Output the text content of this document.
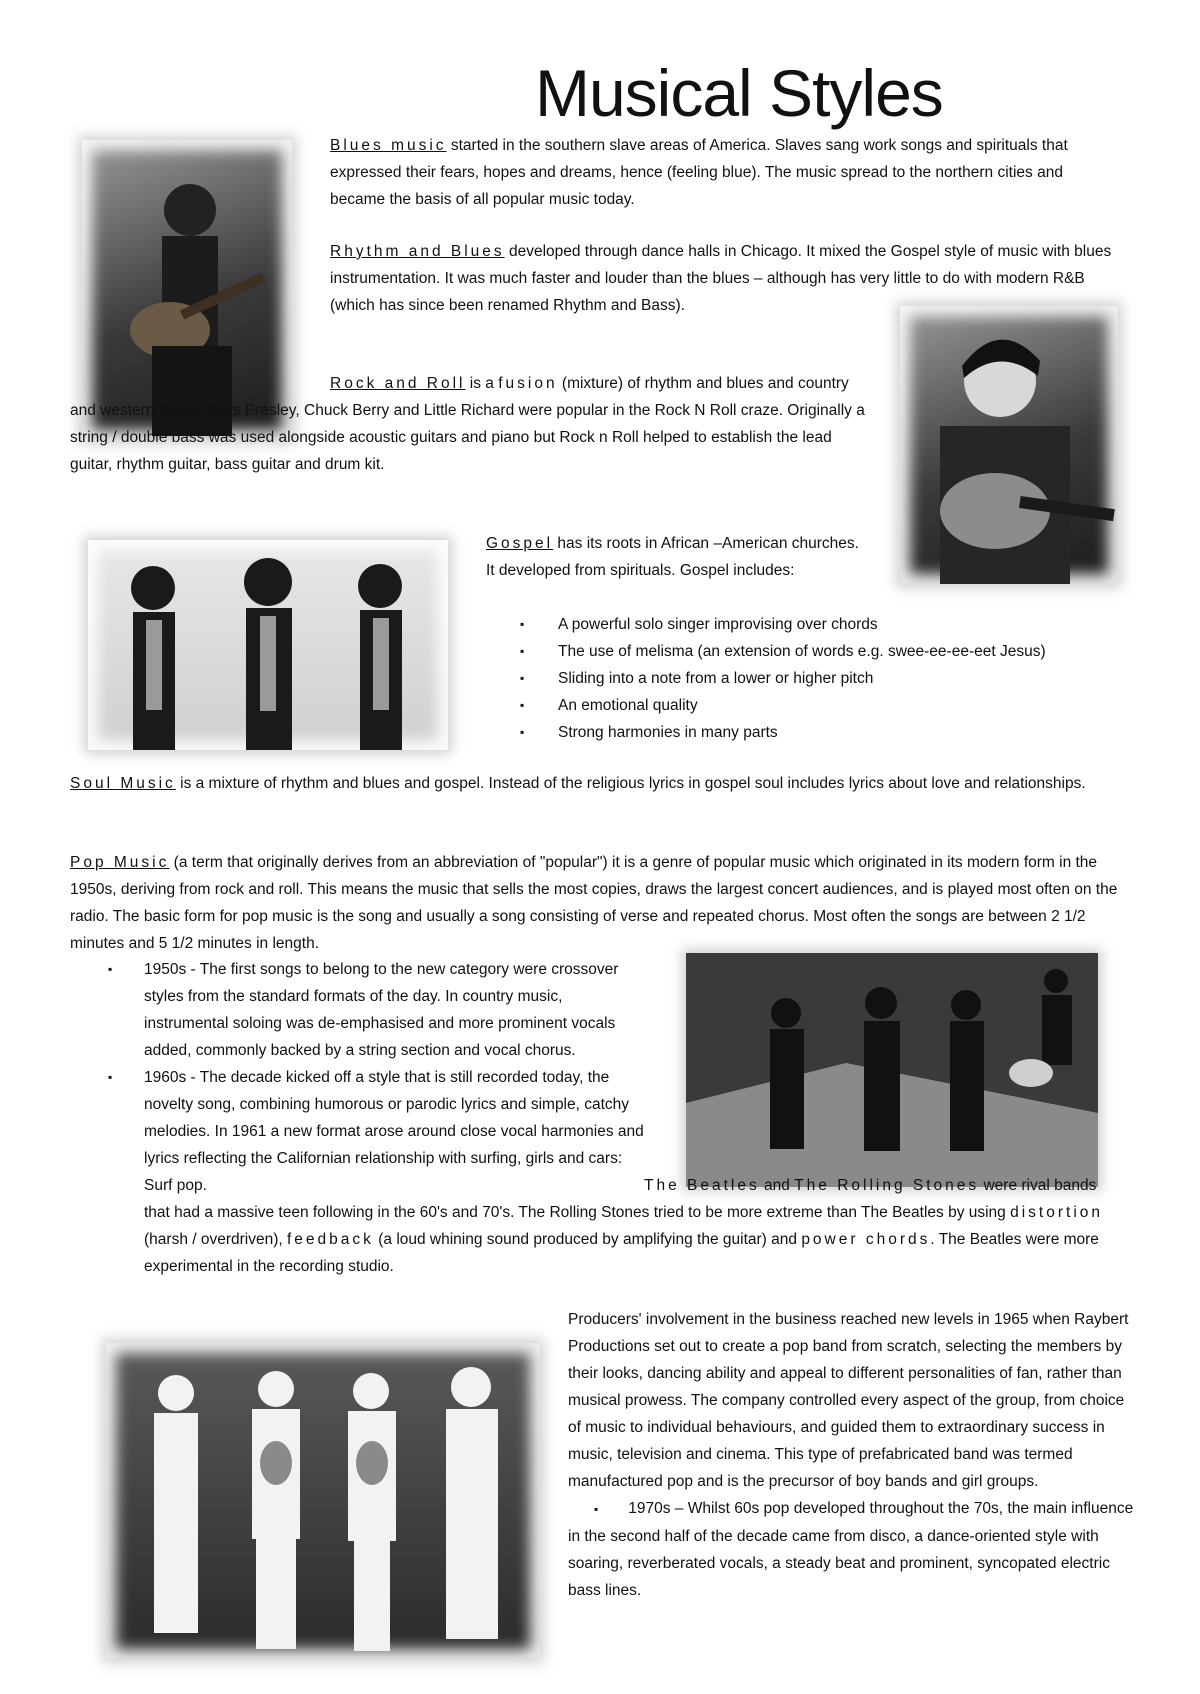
Musical Styles

Blues music started in the southern slave areas of America. Slaves sang work songs and spirituals that expressed their fears, hopes and dreams, hence (feeling blue). The music spread to the northern cities and became the basis of all popular music today.

Rhythm and Blues developed through dance halls in Chicago. It mixed the Gospel style of music with blues instrumentation. It was much faster and louder than the blues – although has very little to do with modern R&B (which has since been renamed Rhythm and Bass).

Rock and Roll is a fusion (mixture) of rhythm and blues and country and western music. Elvis Presley, Chuck Berry and Little Richard were popular in the Rock N Roll craze. Originally a string / double bass was used alongside acoustic guitars and piano but Rock n Roll helped to establish the lead guitar, rhythm guitar, bass guitar and drum kit.

Gospel has its roots in African –American churches. It developed from spirituals. Gospel includes:

▪ A powerful solo singer improvising over chords
▪ The use of melisma (an extension of words e.g. swee-ee-ee-eet Jesus)
▪ Sliding into a note from a lower or higher pitch
▪ An emotional quality
▪ Strong harmonies in many parts

Soul Music is a mixture of rhythm and blues and gospel. Instead of the religious lyrics in gospel soul includes lyrics about love and relationships.

Pop Music (a term that originally derives from an abbreviation of "popular") it is a genre of popular music which originated in its modern form in the 1950s, deriving from rock and roll. This means the music that sells the most copies, draws the largest concert audiences, and is played most often on the radio. The basic form for pop music is the song and usually a song consisting of verse and repeated chorus. Most often the songs are between 2 1/2 minutes and 5 1/2 minutes in length.

▪ 1950s - The first songs to belong to the new category were crossover styles from the standard formats of the day. In country music, instrumental soloing was de-emphasised and more prominent vocals added, commonly backed by a string section and vocal chorus.

▪ 1960s - The decade kicked off a style that is still recorded today, the novelty song, combining humorous or parodic lyrics and simple, catchy melodies. In 1961 a new format arose around close vocal harmonies and lyrics reflecting the Californian relationship with surfing, girls and cars: Surf pop.	The Beatles and The Rolling Stones were rival bands that had a massive teen following in the 60's and 70's. The Rolling Stones tried to be more extreme than The Beatles by using distortion (harsh / overdriven), feedback (a loud whining sound produced by amplifying the guitar) and power chords. The Beatles were more experimental in the recording studio.

Producers' involvement in the business reached new levels in 1965 when Raybert Productions set out to create a pop band from scratch, selecting the members by their looks, dancing ability and appeal to different personalities of fan, rather than musical prowess. The company controlled every aspect of the group, from choice of music to individual behaviours, and guided them to extraordinary success in music, television and cinema. This type of prefabricated band was termed manufactured pop and is the precursor of boy bands and girl groups.

▪ 1970s – Whilst 60s pop developed throughout the 70s, the main influence in the second half of the decade came from disco, a dance-oriented style with soaring, reverberated vocals, a steady beat and prominent, syncopated electric bass lines.
